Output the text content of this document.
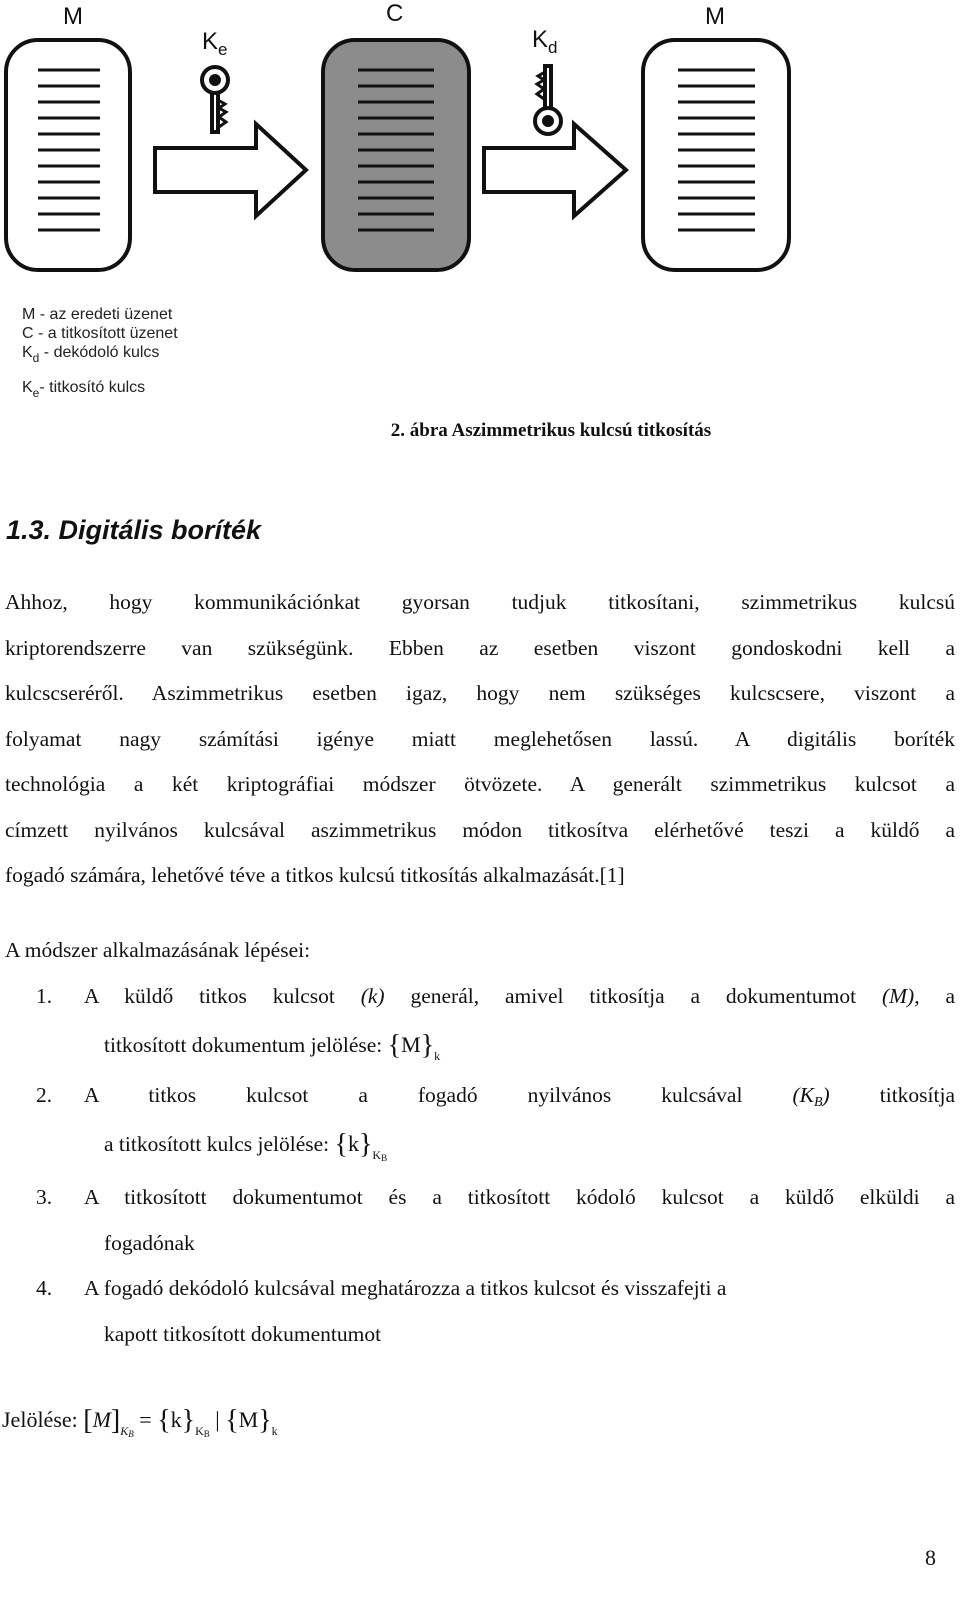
M	C	M
$K_e$	$K_d$
M - az eredeti üzenet
C - a titkosított üzenet
$K_d$ - dekódoló kulcs
$K_e-$ titkosító kulcs
2. ábra Aszimmetrikus kulcsú titkosítás
1.3. Digitális boríték
Ahhoz, hogy kommunikációnkat gyorsan tudjuk titkosítani, szimmetrikus kulcsú
kriptorendszerre van szükségünk. Ebben az esetben viszont gondoskodni kell a
kulcscseréről. Aszimmetrikus esetben igaz, hogy nem szükséges kulcscsere, viszont a
folyamat nagy számítási igénye miatt meglehetősen lassú. A digitális boríték
technológia a két kriptográfiai módszer ötvözete. A generált szimmetrikus kulcsot a
címzett nyilvános kulcsával aszimmetrikus módon titkosítva elérhetővé teszi a küldő a
fogadó számára, lehetővé téve a titkos kulcsú titkosítás alkalmazását.[1]
A módszer alkalmazásának lépései:
1. A küldő titkos kulcsot (k) generál, amivel titkosítja a dokumentumot (M), a
titkosított dokumentum jelölése: $\{M\}_k$
2. A titkos kulcsot a fogadó nyilvános kulcsával (KB) titkosítja
a titkosított kulcs jelölése: $\{k\}_{KB}$
3. A titkosított dokumentumot és a titkosított kódoló kulcsot a küldő elküldi a
fogadónak
4. A fogadó dekódoló kulcsával meghatározza a titkos kulcsot és visszafejti a
kapott titkosított dokumentumot
Jelölése: $[M]_{KB} = \{k\}_{KB}$ | $\{M\}_k$
8
